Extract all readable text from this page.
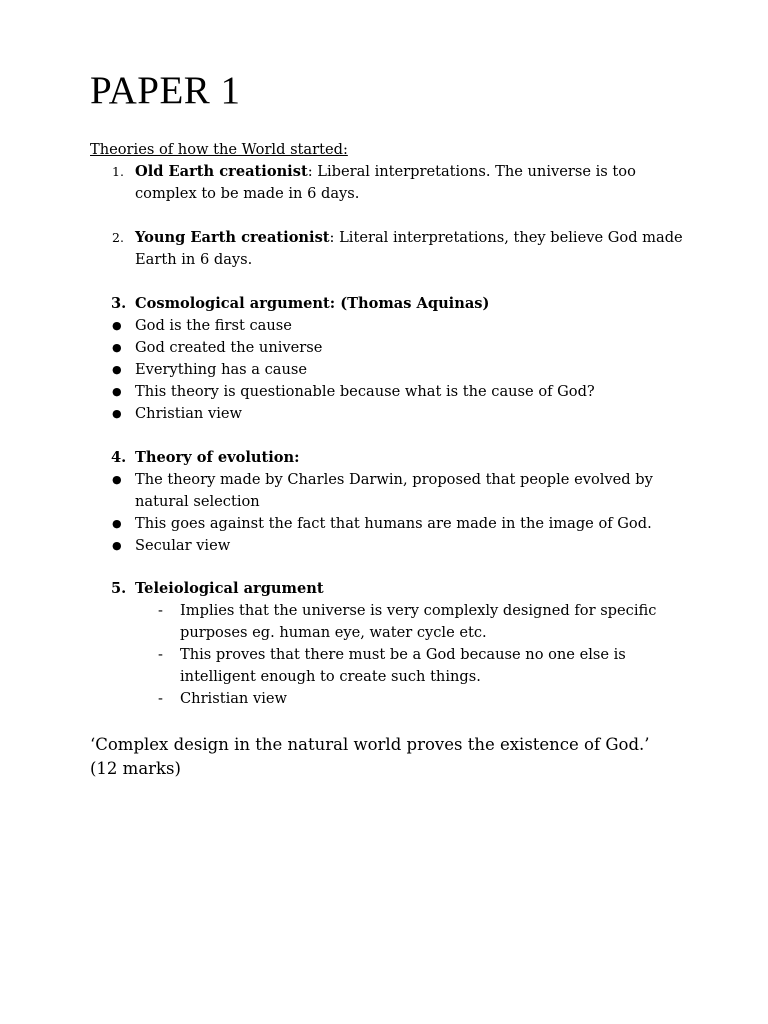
PAPER 1
Theories of how the World started:
1. Old Earth creationist: Liberal interpretations. The universe is too
complex to be made in 6 days.
2. Young Earth creationist: Literal interpretations, they believe God made
Earth in 6 days.
3. Cosmological argument: (Thomas Aquinas)
● God is the first cause
● God created the universe
● Everything has a cause
● This theory is questionable because what is the cause of God?
● Christian view
4. Theory of evolution:
● The theory made by Charles Darwin, proposed that people evolved by
natural selection
● This goes against the fact that humans are made in the image of God.
● Secular view
5. Teleiological argument
- Implies that the universe is very complexly designed for specific
purposes eg. human eye, water cycle etc.
- This proves that there must be a God because no one else is
intelligent enough to create such things.
- Christian view
‘Complex design in the natural world proves the existence of God.’
(12 marks)
